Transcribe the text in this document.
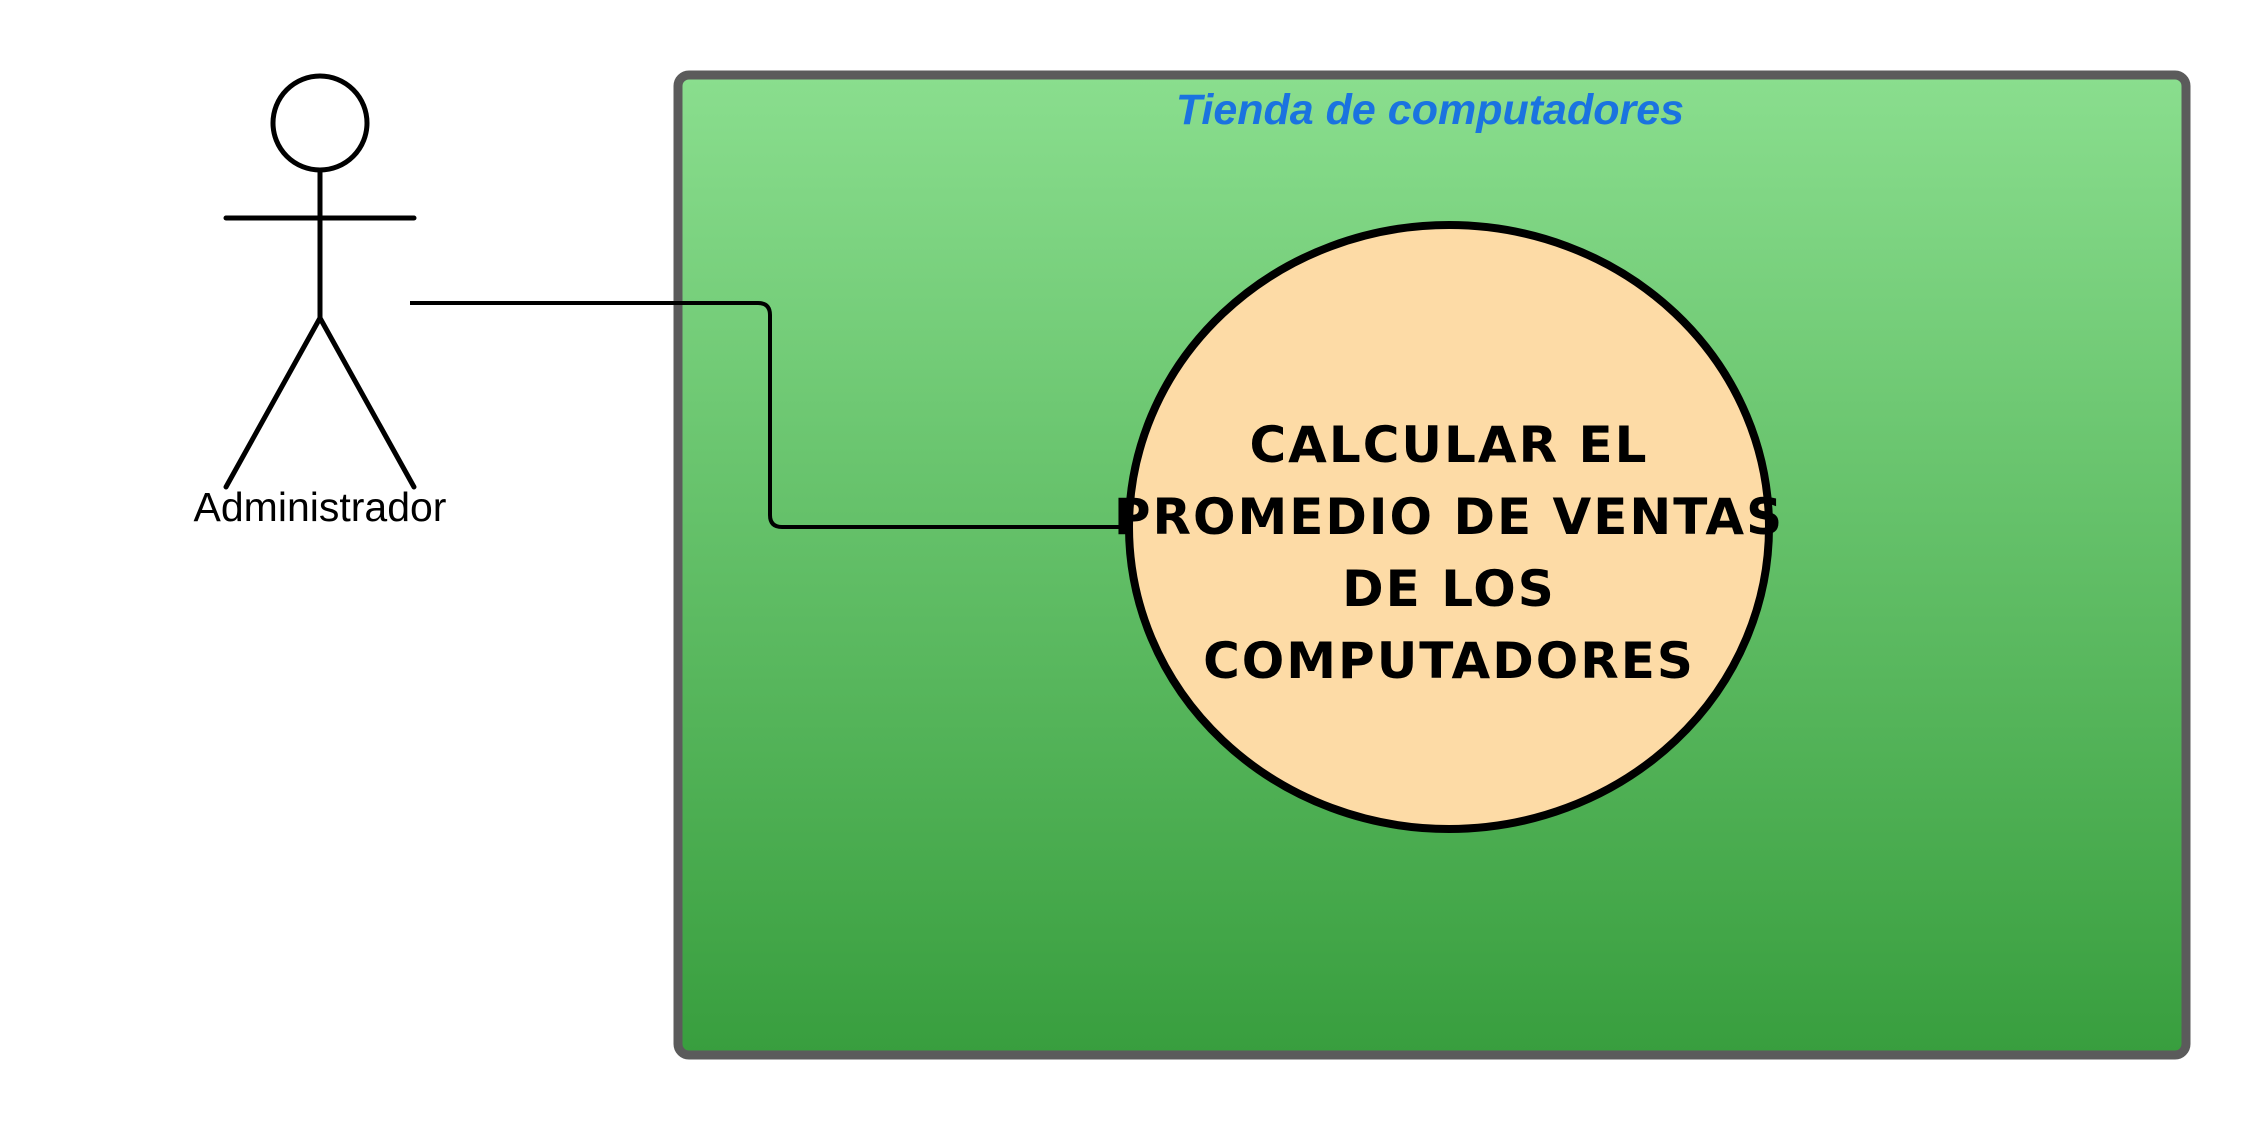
Tienda de computadores
Administrador
CALCULAR EL
PROMEDIO DE VENTAS
DE LOS
COMPUTADORES
